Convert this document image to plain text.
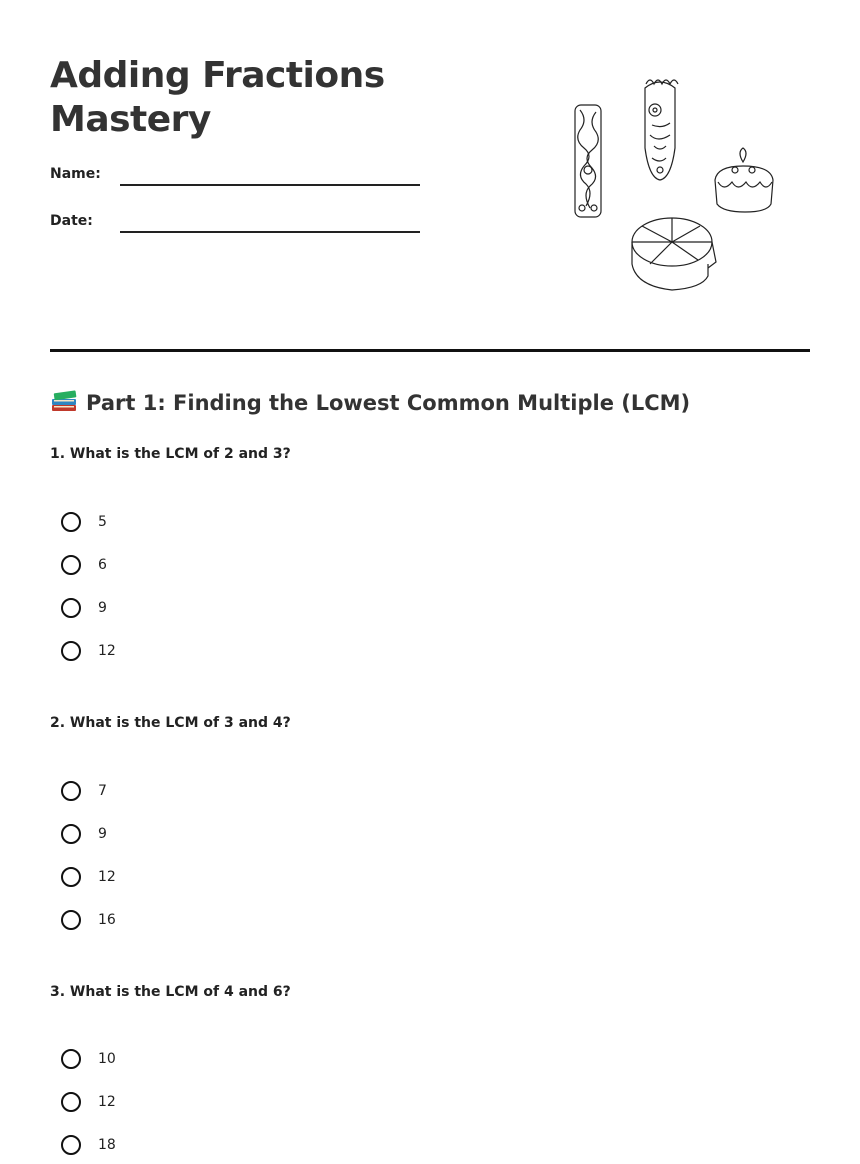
Adding Fractions
Mastery
Name:
Date:
Part 1: Finding the Lowest Common Multiple (LCM)

1. What is the LCM of 2 and 3?

5
6
9
12

2. What is the LCM of 3 and 4?

7
9
12
16

3. What is the LCM of 4 and 6?

10
12
18
